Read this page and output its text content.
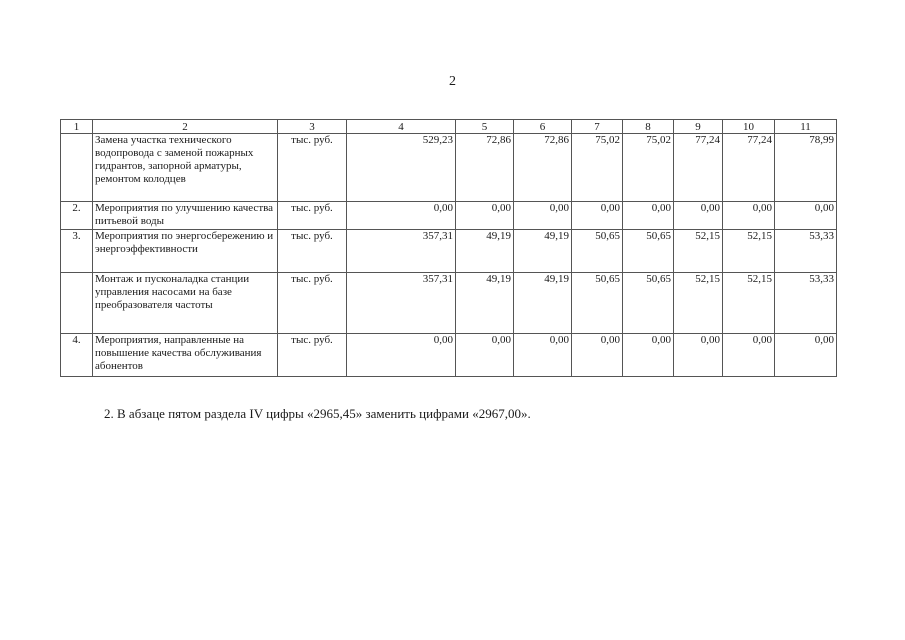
2
1	2	3	4	5	6	7	8	9	10	11
	Замена участка технического водопровода с заменой пожарных гидрантов, запорной арматуры, ремонтом колодцев	тыс. руб.	529,23	72,86	72,86	75,02	75,02	77,24	77,24	78,99
2.	Мероприятия по улучшению качества питьевой воды	тыс. руб.	0,00	0,00	0,00	0,00	0,00	0,00	0,00	0,00
3.	Мероприятия по энергосбережению и энергоэффективности	тыс. руб.	357,31	49,19	49,19	50,65	50,65	52,15	52,15	53,33
	Монтаж и пусконаладка станции управления насосами на базе преобразователя частоты	тыс. руб.	357,31	49,19	49,19	50,65	50,65	52,15	52,15	53,33
4.	Мероприятия, направленные на повышение качества обслуживания абонентов	тыс. руб.	0,00	0,00	0,00	0,00	0,00	0,00	0,00	0,00
2. В абзаце пятом раздела IV цифры «2965,45» заменить цифрами «2967,00».
